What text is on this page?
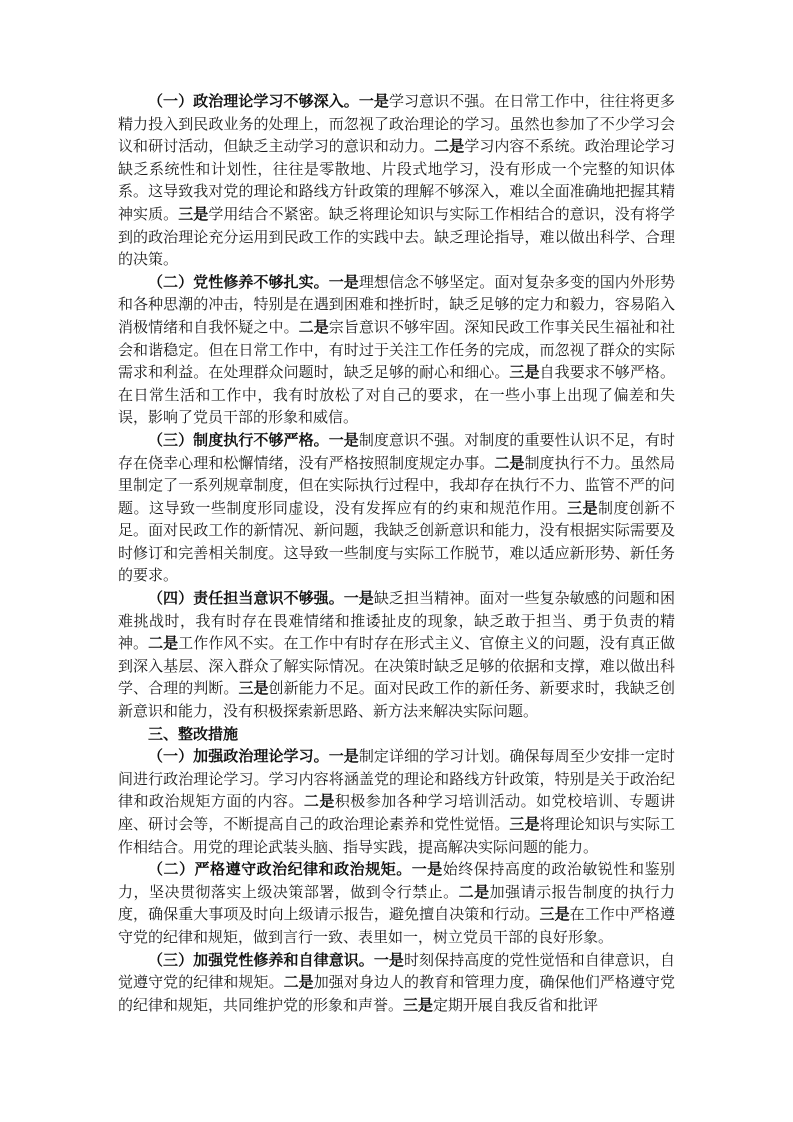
（一）政治理论学习不够深入。一是学习意识不强。在日常工作中，往往将更多精力投入到民政业务的处理上，而忽视了政治理论的学习。虽然也参加了不少学习会议和研讨活动，但缺乏主动学习的意识和动力。二是学习内容不系统。政治理论学习缺乏系统性和计划性，往往是零散地、片段式地学习，没有形成一个完整的知识体系。这导致我对党的理论和路线方针政策的理解不够深入，难以全面准确地把握其精神实质。三是学用结合不紧密。缺乏将理论知识与实际工作相结合的意识，没有将学到的政治理论充分运用到民政工作的实践中去。缺乏理论指导，难以做出科学、合理的决策。

（二）党性修养不够扎实。一是理想信念不够坚定。面对复杂多变的国内外形势和各种思潮的冲击，特别是在遇到困难和挫折时，缺乏足够的定力和毅力，容易陷入消极情绪和自我怀疑之中。二是宗旨意识不够牢固。深知民政工作事关民生福祉和社会和谐稳定。但在日常工作中，有时过于关注工作任务的完成，而忽视了群众的实际需求和利益。在处理群众问题时，缺乏足够的耐心和细心。三是自我要求不够严格。在日常生活和工作中，我有时放松了对自己的要求，在一些小事上出现了偏差和失误，影响了党员干部的形象和威信。

（三）制度执行不够严格。一是制度意识不强。对制度的重要性认识不足，有时存在侥幸心理和松懈情绪，没有严格按照制度规定办事。二是制度执行不力。虽然局里制定了一系列规章制度，但在实际执行过程中，我却存在执行不力、监管不严的问题。这导致一些制度形同虚设，没有发挥应有的约束和规范作用。三是制度创新不足。面对民政工作的新情况、新问题，我缺乏创新意识和能力，没有根据实际需要及时修订和完善相关制度。这导致一些制度与实际工作脱节，难以适应新形势、新任务的要求。

（四）责任担当意识不够强。一是缺乏担当精神。面对一些复杂敏感的问题和困难挑战时，我有时存在畏难情绪和推诿扯皮的现象，缺乏敢于担当、勇于负责的精神。二是工作作风不实。在工作中有时存在形式主义、官僚主义的问题，没有真正做到深入基层、深入群众了解实际情况。在决策时缺乏足够的依据和支撑，难以做出科学、合理的判断。三是创新能力不足。面对民政工作的新任务、新要求时，我缺乏创新意识和能力，没有积极探索新思路、新方法来解决实际问题。

三、整改措施

（一）加强政治理论学习。一是制定详细的学习计划。确保每周至少安排一定时间进行政治理论学习。学习内容将涵盖党的理论和路线方针政策，特别是关于政治纪律和政治规矩方面的内容。二是积极参加各种学习培训活动。如党校培训、专题讲座、研讨会等，不断提高自己的政治理论素养和党性觉悟。三是将理论知识与实际工作相结合。用党的理论武装头脑、指导实践，提高解决实际问题的能力。

（二）严格遵守政治纪律和政治规矩。一是始终保持高度的政治敏锐性和鉴别力，坚决贯彻落实上级决策部署，做到令行禁止。二是加强请示报告制度的执行力度，确保重大事项及时向上级请示报告，避免擅自决策和行动。三是在工作中严格遵守党的纪律和规矩，做到言行一致、表里如一，树立党员干部的良好形象。

（三）加强党性修养和自律意识。一是时刻保持高度的党性觉悟和自律意识，自觉遵守党的纪律和规矩。二是加强对身边人的教育和管理力度，确保他们严格遵守党的纪律和规矩，共同维护党的形象和声誉。三是定期开展自我反省和批评
